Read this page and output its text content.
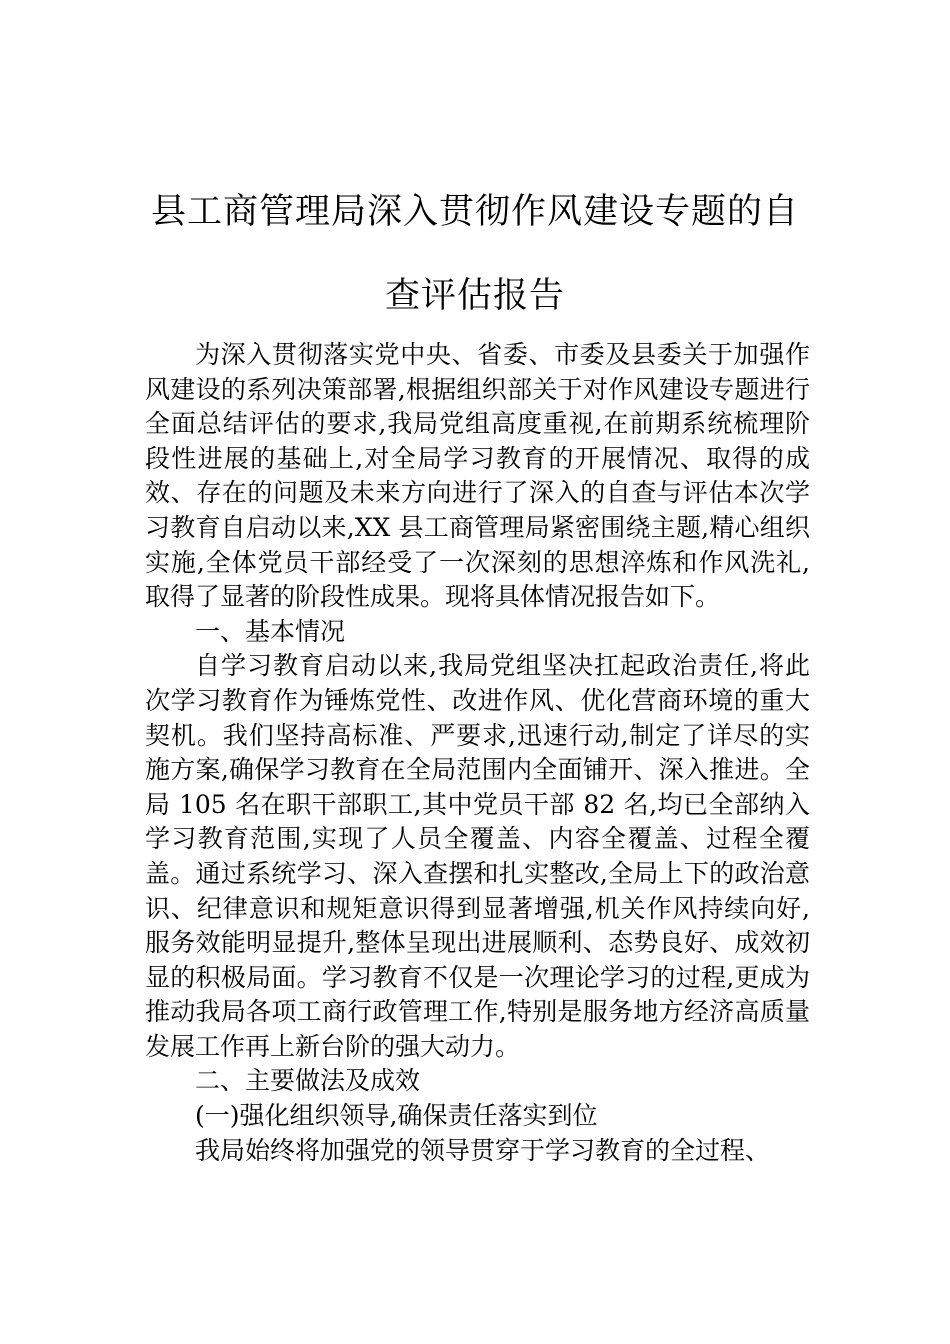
县工商管理局深入贯彻作风建设专题的自查评估报告

为深入贯彻落实党中央、省委、市委及县委关于加强作风建设的系列决策部署,根据组织部关于对作风建设专题进行全面总结评估的要求,我局党组高度重视,在前期系统梳理阶段性进展的基础上,对全局学习教育的开展情况、取得的成效、存在的问题及未来方向进行了深入的自查与评估本次学习教育自启动以来,XX 县工商管理局紧密围绕主题,精心组织实施,全体党员干部经受了一次深刻的思想淬炼和作风洗礼,取得了显著的阶段性成果。现将具体情况报告如下。

一、基本情况

自学习教育启动以来,我局党组坚决扛起政治责任,将此次学习教育作为锤炼党性、改进作风、优化营商环境的重大契机。我们坚持高标准、严要求,迅速行动,制定了详尽的实施方案,确保学习教育在全局范围内全面铺开、深入推进。全局 105 名在职干部职工,其中党员干部 82 名,均已全部纳入学习教育范围,实现了人员全覆盖、内容全覆盖、过程全覆盖。通过系统学习、深入查摆和扎实整改,全局上下的政治意识、纪律意识和规矩意识得到显著增强,机关作风持续向好,服务效能明显提升,整体呈现出进展顺利、态势良好、成效初显的积极局面。学习教育不仅是一次理论学习的过程,更成为推动我局各项工商行政管理工作,特别是服务地方经济高质量发展工作再上新台阶的强大动力。

二、主要做法及成效

(一)强化组织领导,确保责任落实到位

我局始终将加强党的领导贯穿于学习教育的全过程、
